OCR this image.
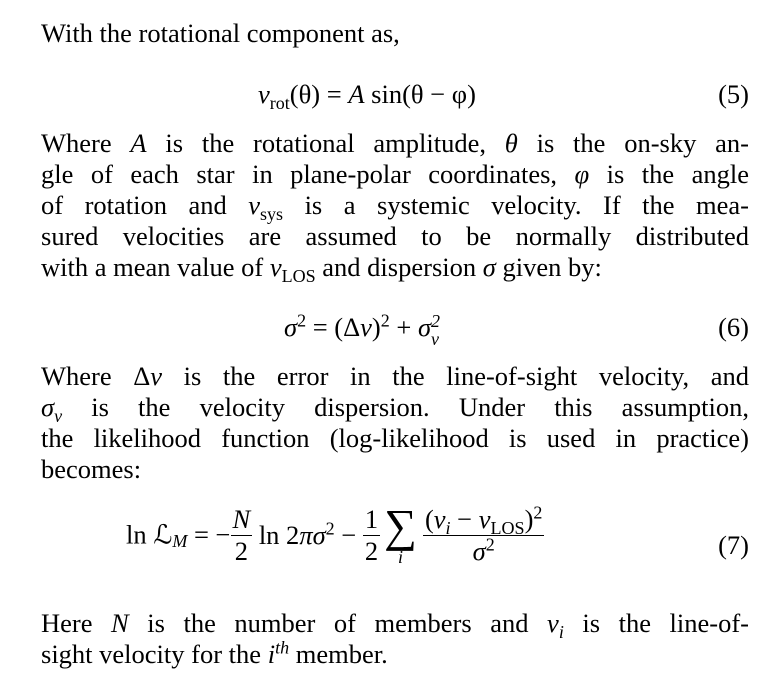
With the rotational component as,
$v_{rot}(\theta) = A$ sin(θ − φ)	(5)
Where A is the rotational amplitude, θ is the on-sky an-
gle of each star in plane-polar coordinates, φ is the angle
of rotation and $v_{sys}$ is a systemic velocity. If the mea-
sured velocities are assumed to be normally distributed
with a mean value of $v_{LOS}$ and dispersion σ given by:
$\sigma^2 = (\Delta v)^2 + \sigma$ 2
v	(6)
Where Δv is the error in the line-of-sight velocity, and
$\sigma_v$ is the velocity dispersion. Under this assumption,
the likelihood function (log-likelihood is used in practice)
becomes:
ln ℒ$_M$ = − $\frac{N}{2}$ $\ln 2\pi\sigma^2 - \frac{1}{2}$ ∑
i $\frac{(v_i - v_{LOS})^2}{\sigma^2}$	(7)
Here N is the number of members and $v_i$ is the line-of-
sight velocity for the $i^{th}$ member.
